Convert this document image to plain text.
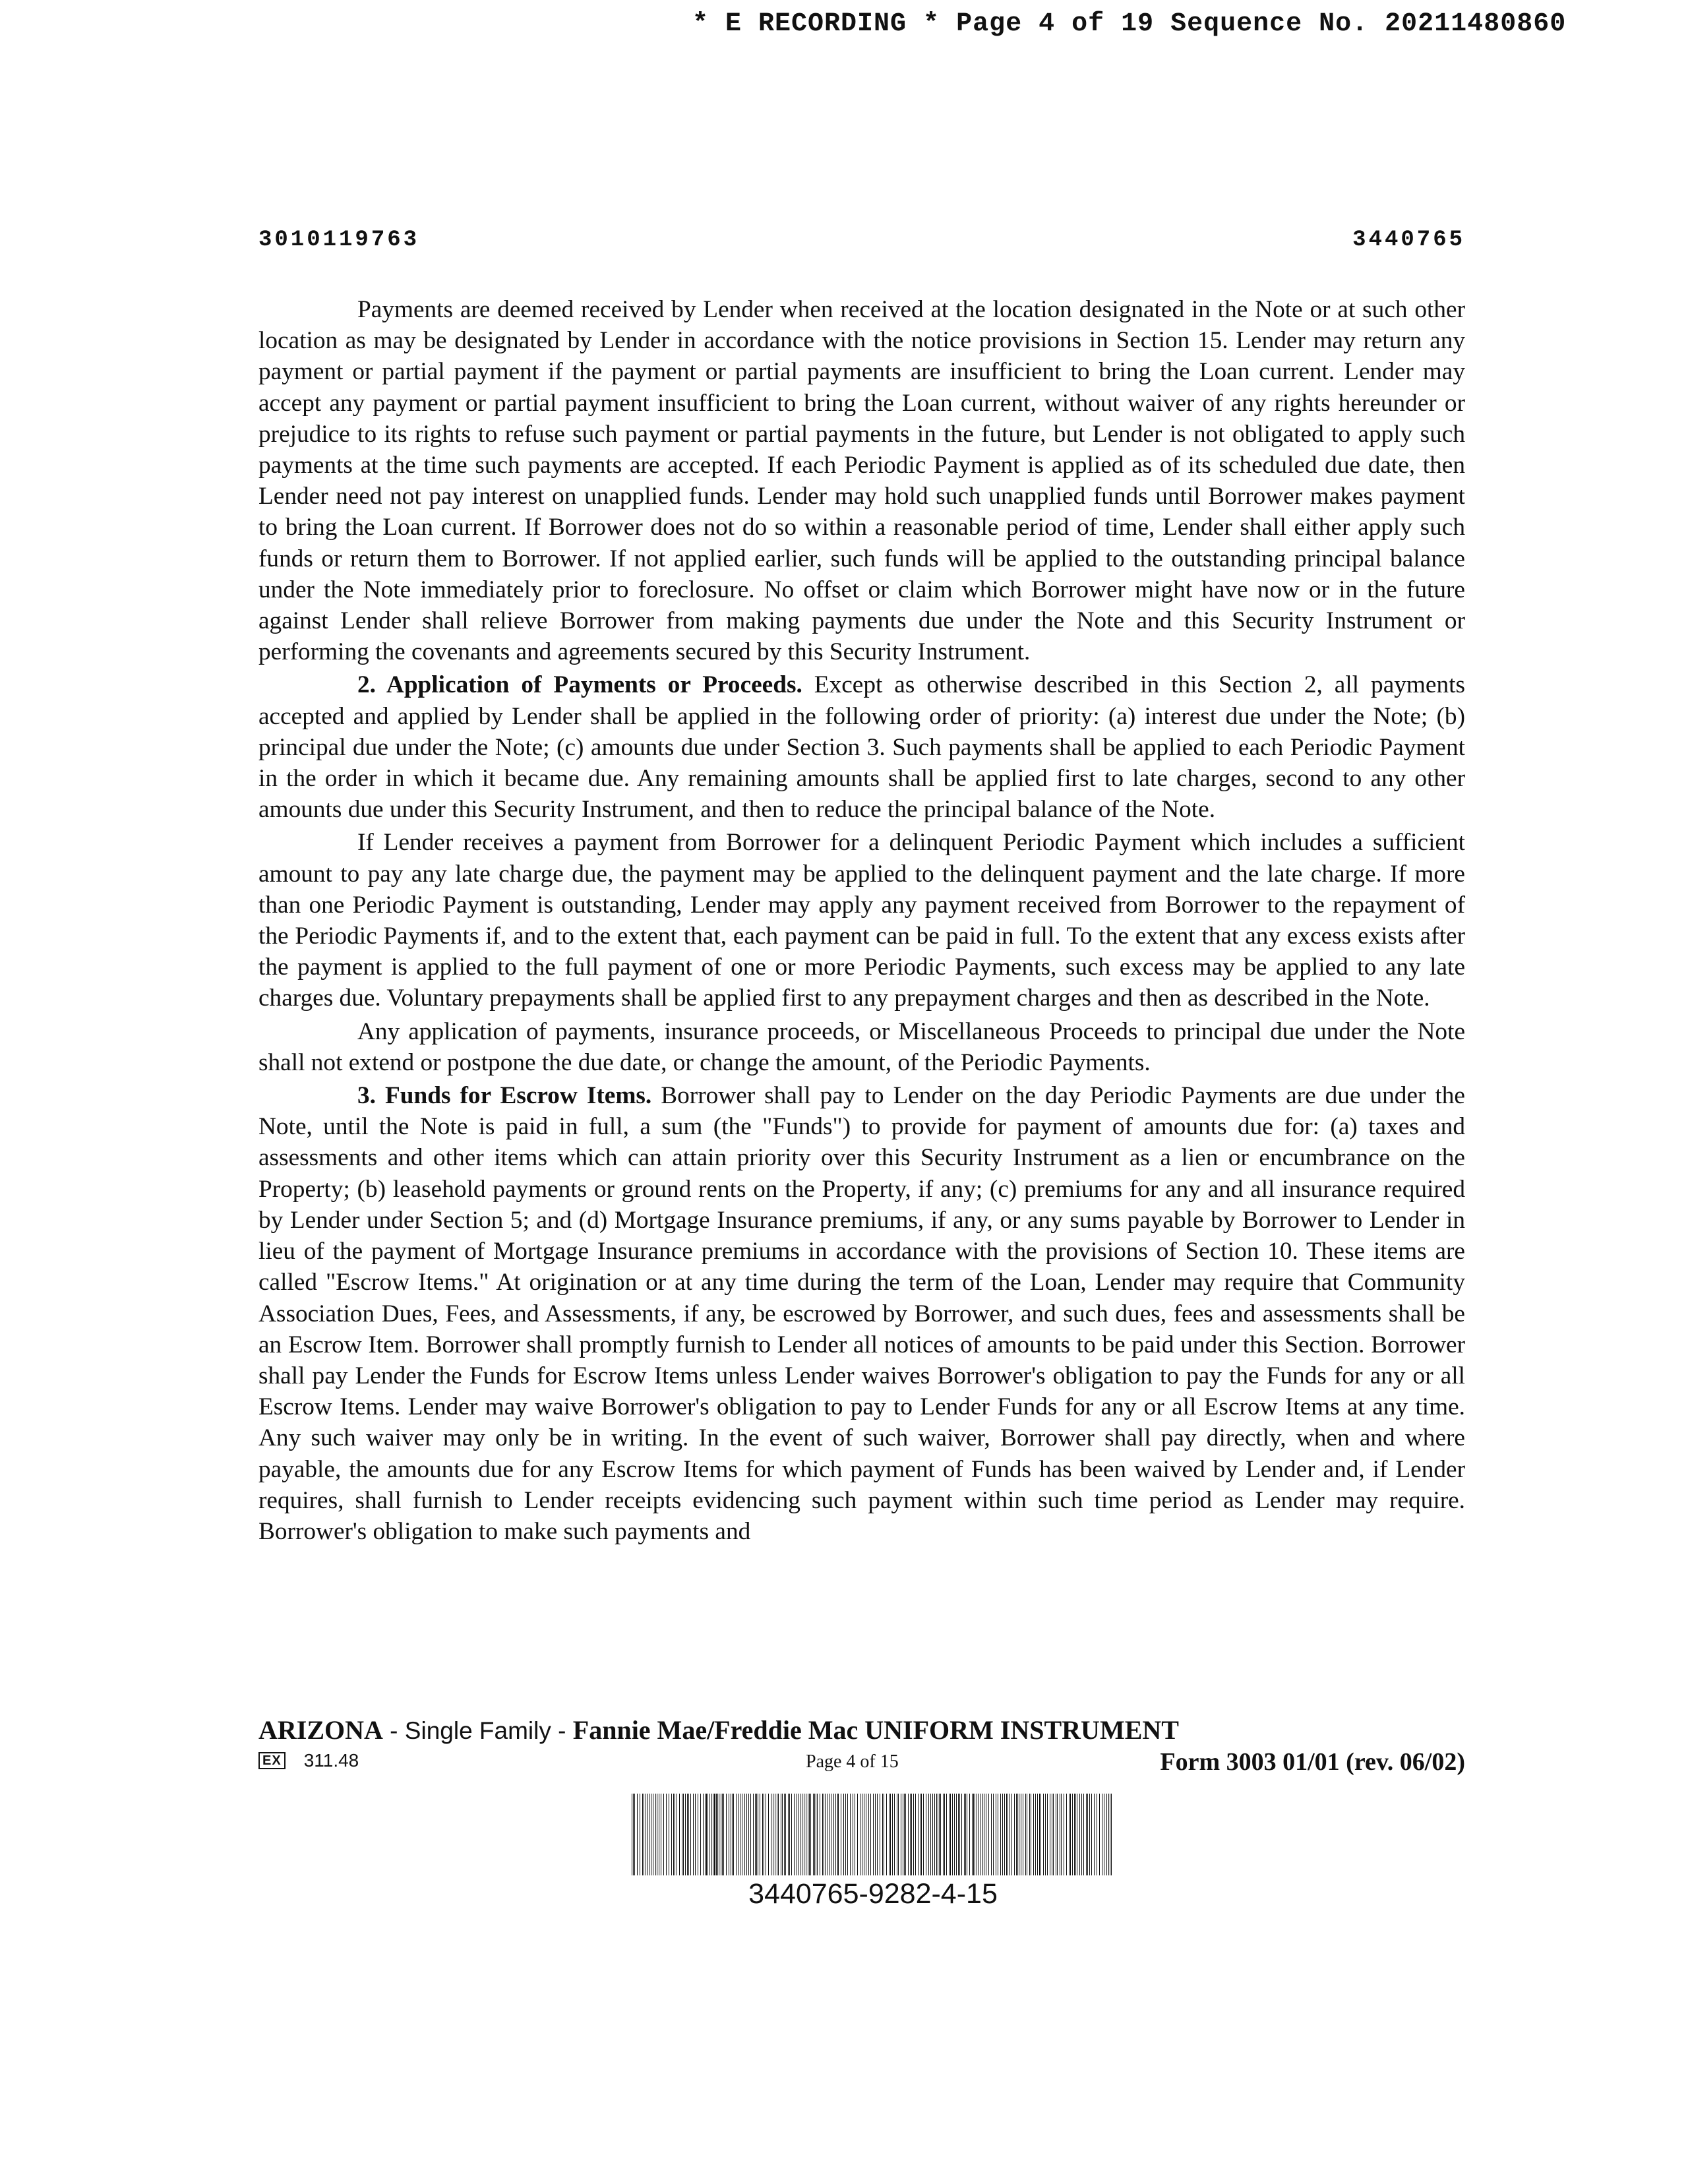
* E RECORDING * Page 4 of 19 Sequence No. 20211480860
3010119763	3440765

Payments are deemed received by Lender when received at the location designated in the Note or at such other location as may be designated by Lender in accordance with the notice provisions in Section 15. Lender may return any payment or partial payment if the payment or partial payments are insufficient to bring the Loan current. Lender may accept any payment or partial payment insufficient to bring the Loan current, without waiver of any rights hereunder or prejudice to its rights to refuse such payment or partial payments in the future, but Lender is not obligated to apply such payments at the time such payments are accepted. If each Periodic Payment is applied as of its scheduled due date, then Lender need not pay interest on unapplied funds. Lender may hold such unapplied funds until Borrower makes payment to bring the Loan current. If Borrower does not do so within a reasonable period of time, Lender shall either apply such funds or return them to Borrower. If not applied earlier, such funds will be applied to the outstanding principal balance under the Note immediately prior to foreclosure. No offset or claim which Borrower might have now or in the future against Lender shall relieve Borrower from making payments due under the Note and this Security Instrument or performing the covenants and agreements secured by this Security Instrument.

2. Application of Payments or Proceeds. Except as otherwise described in this Section 2, all payments accepted and applied by Lender shall be applied in the following order of priority: (a) interest due under the Note; (b) principal due under the Note; (c) amounts due under Section 3. Such payments shall be applied to each Periodic Payment in the order in which it became due. Any remaining amounts shall be applied first to late charges, second to any other amounts due under this Security Instrument, and then to reduce the principal balance of the Note.

If Lender receives a payment from Borrower for a delinquent Periodic Payment which includes a sufficient amount to pay any late charge due, the payment may be applied to the delinquent payment and the late charge. If more than one Periodic Payment is outstanding, Lender may apply any payment received from Borrower to the repayment of the Periodic Payments if, and to the extent that, each payment can be paid in full. To the extent that any excess exists after the payment is applied to the full payment of one or more Periodic Payments, such excess may be applied to any late charges due. Voluntary prepayments shall be applied first to any prepayment charges and then as described in the Note.

Any application of payments, insurance proceeds, or Miscellaneous Proceeds to principal due under the Note shall not extend or postpone the due date, or change the amount, of the Periodic Payments.

3. Funds for Escrow Items. Borrower shall pay to Lender on the day Periodic Payments are due under the Note, until the Note is paid in full, a sum (the "Funds") to provide for payment of amounts due for: (a) taxes and assessments and other items which can attain priority over this Security Instrument as a lien or encumbrance on the Property; (b) leasehold payments or ground rents on the Property, if any; (c) premiums for any and all insurance required by Lender under Section 5; and (d) Mortgage Insurance premiums, if any, or any sums payable by Borrower to Lender in lieu of the payment of Mortgage Insurance premiums in accordance with the provisions of Section 10. These items are called "Escrow Items." At origination or at any time during the term of the Loan, Lender may require that Community Association Dues, Fees, and Assessments, if any, be escrowed by Borrower, and such dues, fees and assessments shall be an Escrow Item. Borrower shall promptly furnish to Lender all notices of amounts to be paid under this Section. Borrower shall pay Lender the Funds for Escrow Items unless Lender waives Borrower's obligation to pay the Funds for any or all Escrow Items. Lender may waive Borrower's obligation to pay to Lender Funds for any or all Escrow Items at any time. Any such waiver may only be in writing. In the event of such waiver, Borrower shall pay directly, when and where payable, the amounts due for any Escrow Items for which payment of Funds has been waived by Lender and, if Lender requires, shall furnish to Lender receipts evidencing such payment within such time period as Lender may require. Borrower's obligation to make such payments and

ARIZONA - Single Family - Fannie Mae/Freddie Mac UNIFORM INSTRUMENT
EX 311.48	Page 4 of 15	Form 3003 01/01 (rev. 06/02)
3440765-9282-4-15
